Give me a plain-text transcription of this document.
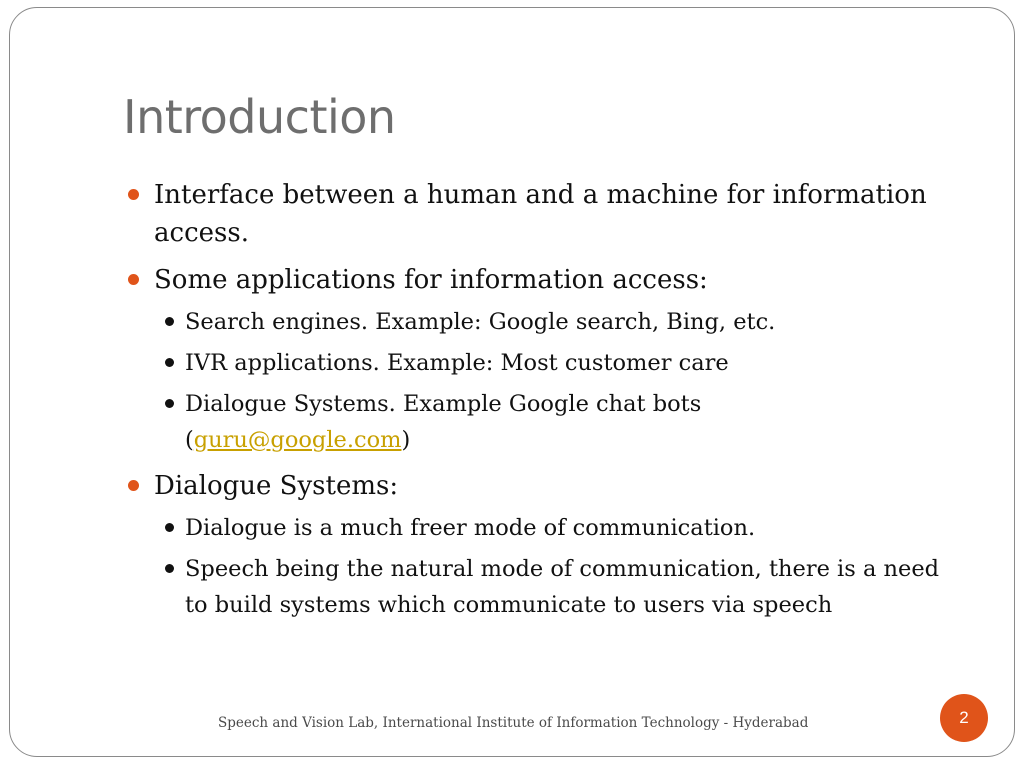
Introduction
Interface between a human and a machine for information access.
Some applications for information access:
Search engines. Example: Google search, Bing, etc.
IVR applications. Example: Most customer care
Dialogue Systems. Example Google chat bots
(guru@google.com)
Dialogue Systems:
Dialogue is a much freer mode of communication.
Speech being the natural mode of communication, there is a need to build systems which communicate to users via speech
Speech and Vision Lab, International Institute of Information Technology - Hyderabad	2
